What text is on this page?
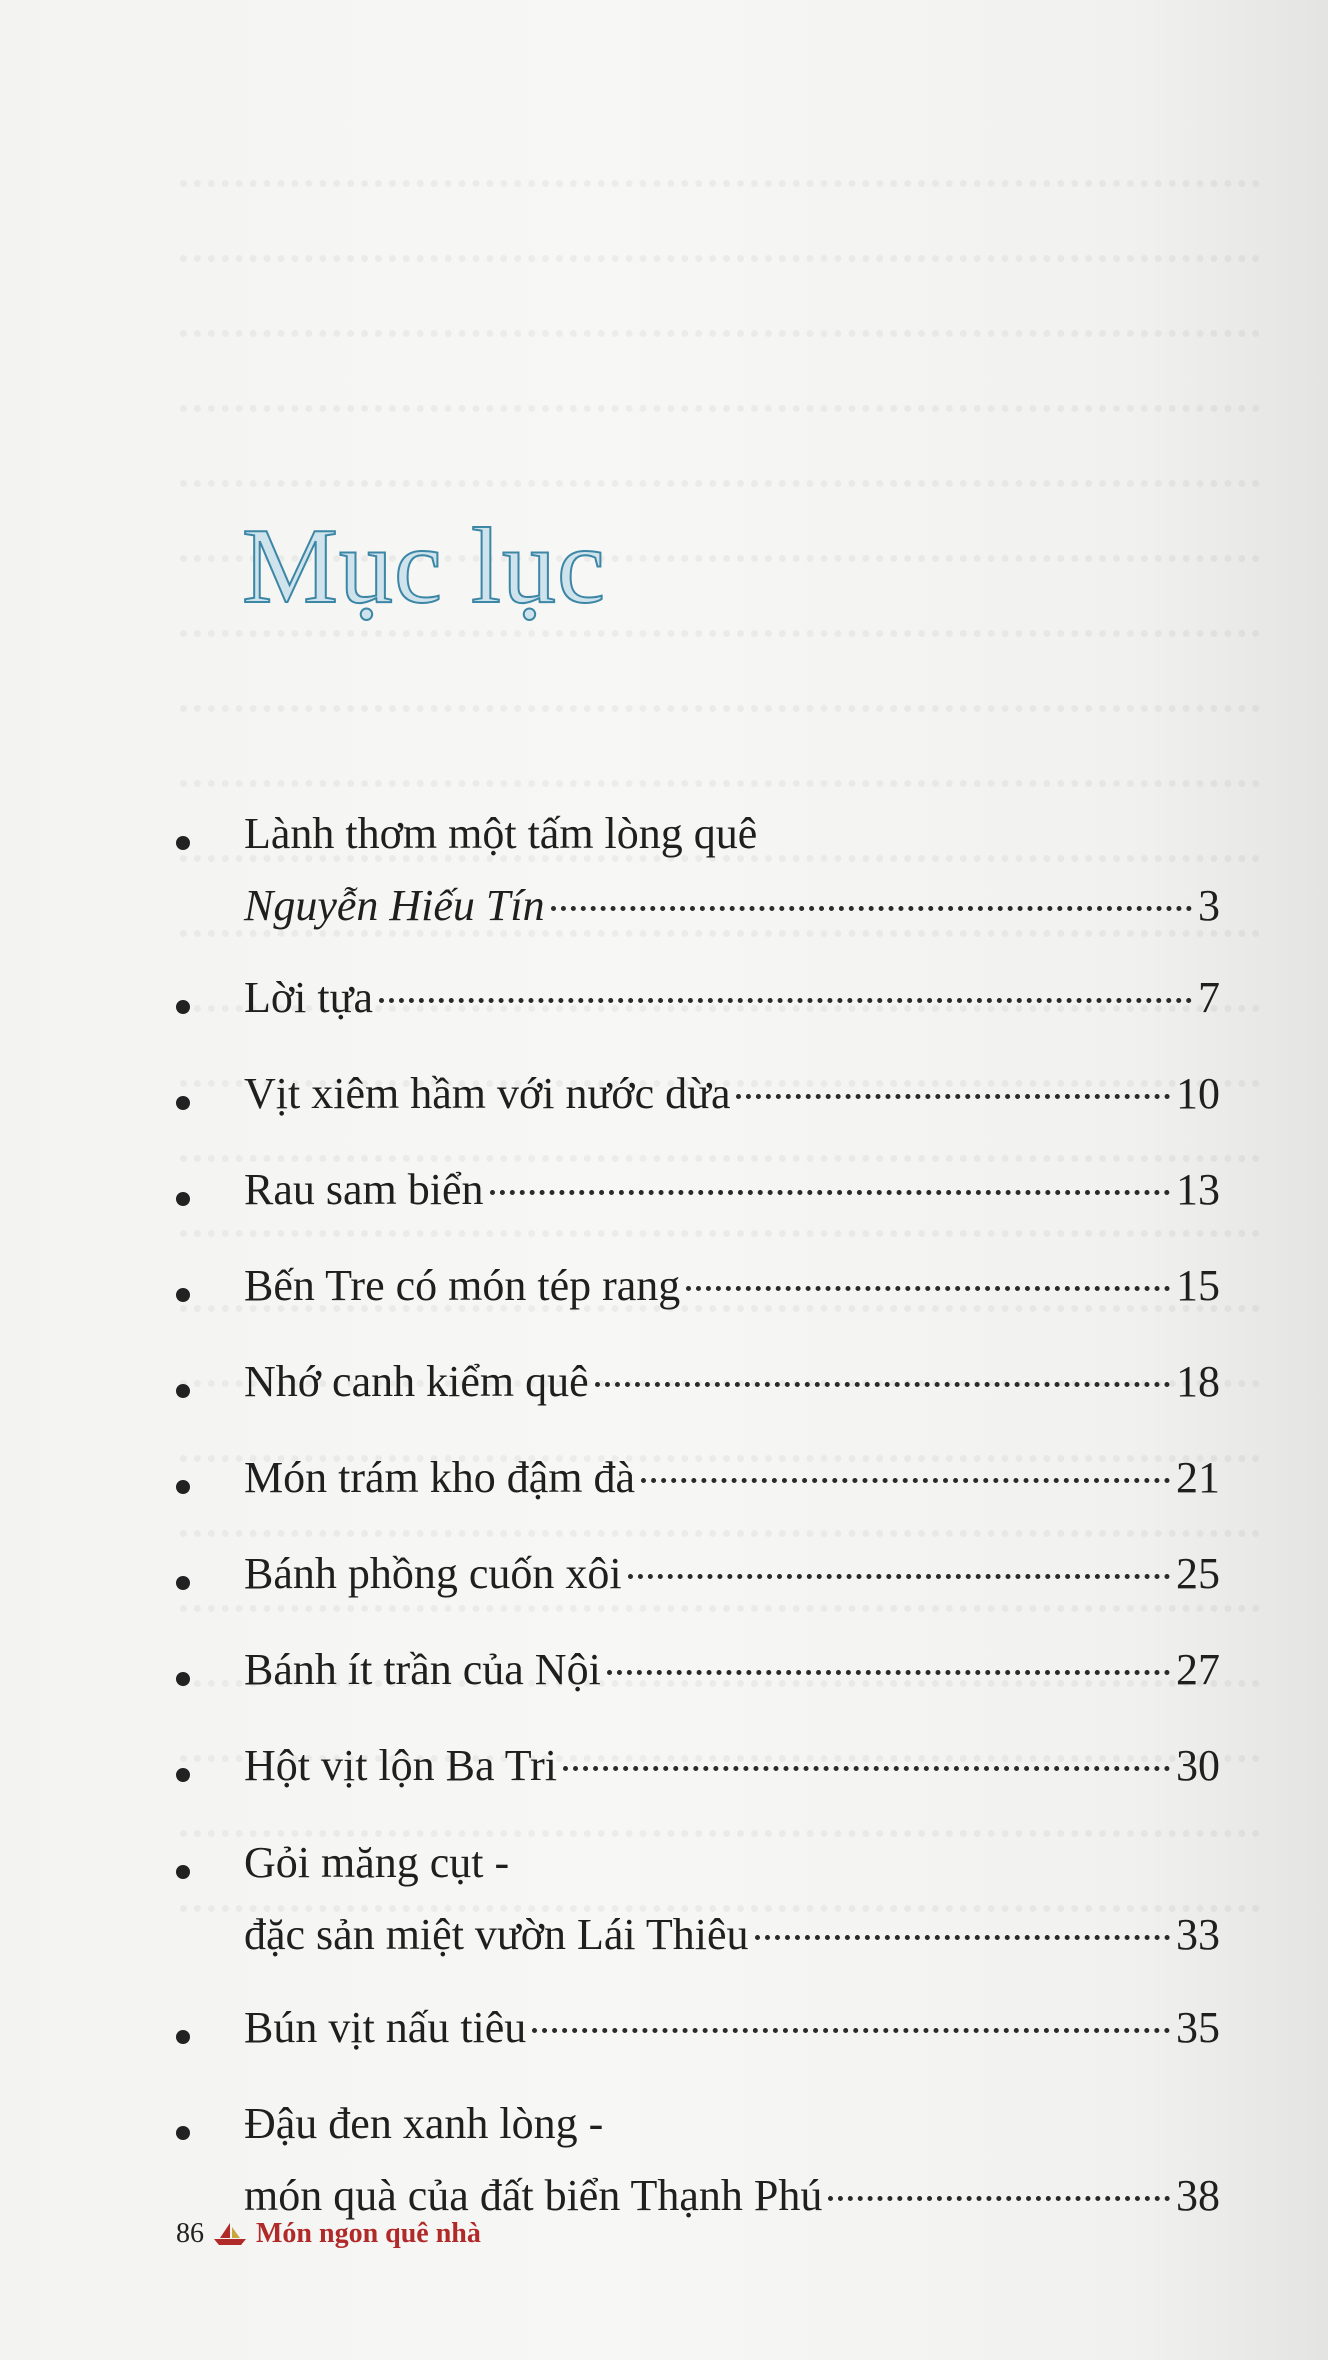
Mục lục
Lành thơm một tấm lòng quê
Nguyễn Hiếu Tín	3
Lời tựa	7
Vịt xiêm hầm với nước dừa	10
Rau sam biển	13
Bến Tre có món tép rang	15
Nhớ canh kiểm quê	18
Món trám kho đậm đà	21
Bánh phồng cuốn xôi	25
Bánh ít trần của Nội	27
Hột vịt lộn Ba Tri	30
Gỏi măng cụt -
đặc sản miệt vườn Lái Thiêu	33
Bún vịt nấu tiêu	35
Đậu đen xanh lòng -
món quà của đất biển Thạnh Phú	38
86 Món ngon quê nhà
